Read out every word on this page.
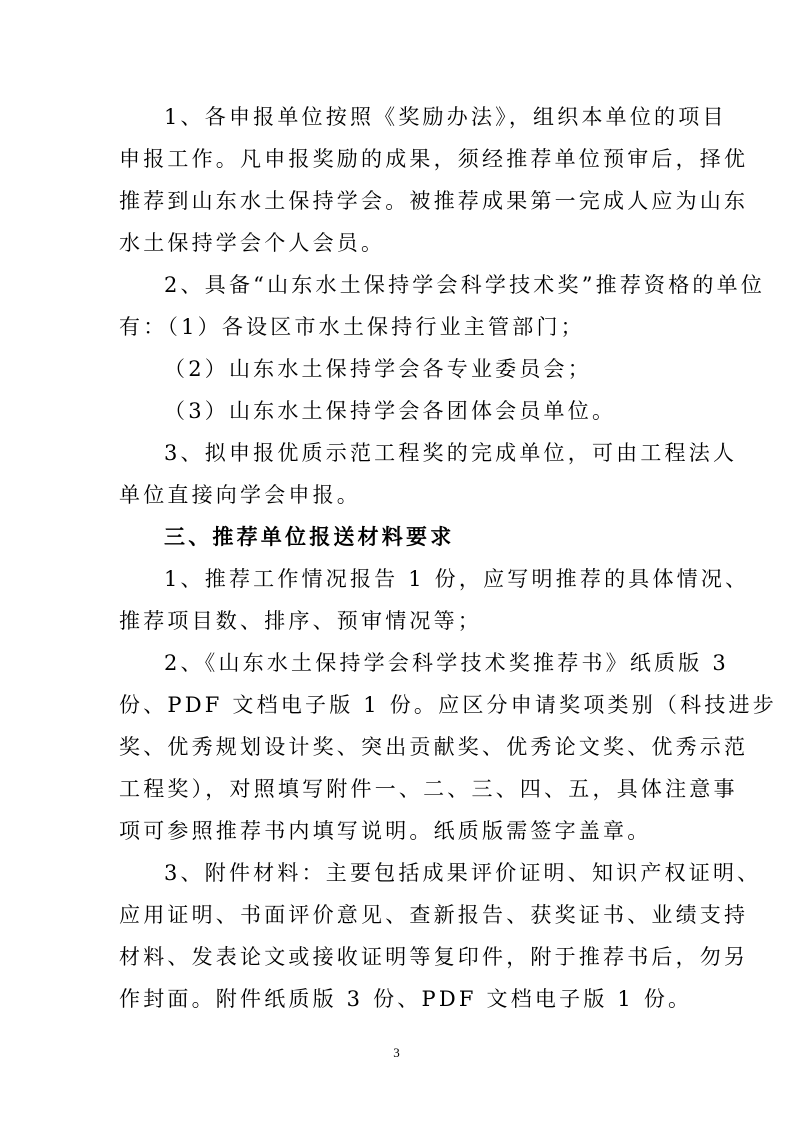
1、各申报单位按照《奖励办法》，组织本单位的项目
申报工作。凡申报奖励的成果，须经推荐单位预审后，择优
推荐到山东水土保持学会。被推荐成果第一完成人应为山东
水土保持学会个人会员。
2、具备“山东水土保持学会科学技术奖”推荐资格的单位
有：（1）各设区市水土保持行业主管部门；
（2）山东水土保持学会各专业委员会；
（3）山东水土保持学会各团体会员单位。
3、拟申报优质示范工程奖的完成单位，可由工程法人
单位直接向学会申报。
三、推荐单位报送材料要求
1、推荐工作情况报告 1 份，应写明推荐的具体情况、
推荐项目数、排序、预审情况等；
2、《山东水土保持学会科学技术奖推荐书》纸质版 3
份、PDF 文档电子版 1 份。应区分申请奖项类别（科技进步
奖、优秀规划设计奖、突出贡献奖、优秀论文奖、优秀示范
工程奖），对照填写附件一、二、三、四、五，具体注意事
项可参照推荐书内填写说明。纸质版需签字盖章。
3、附件材料：主要包括成果评价证明、知识产权证明、
应用证明、书面评价意见、查新报告、获奖证书、业绩支持
材料、发表论文或接收证明等复印件，附于推荐书后，勿另
作封面。附件纸质版 3 份、PDF 文档电子版 1 份。
3
